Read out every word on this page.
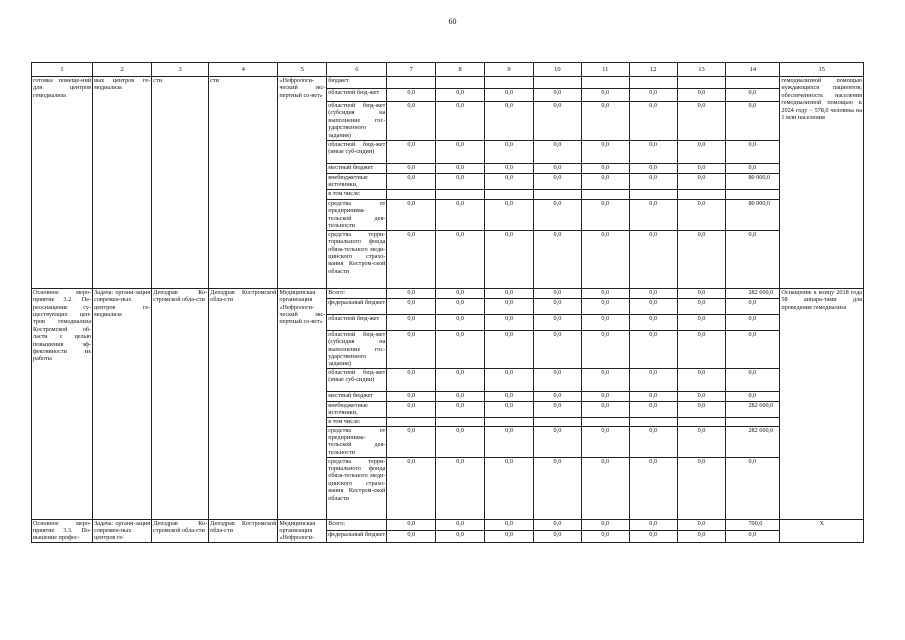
60
1	2	3	4	5	6	7	8	9	10	11	12	13	14	15
готовка помеще-ний для центров гемодиализа	вых центров ге-модиализа	сти	сти	«Нефрологи-ческий экс-пертный со-вет»	бюджет									гемодиализной помощью нуждающихся пациентов; обеспеченность населения гемодиализной помощью к 2024 году – 578,0 человека на 1 млн населения
					областной бюд-жет	0,0	0,0	0,0	0,0	0,0	0,0	0,0	0,0	
					областной бюд-жет (субсидия на выполнение гос-ударственного задания)	0,0	0,0	0,0	0,0	0,0	0,0	0,0	0,0	
					областной бюд-жет (иные суб-сидии)	0,0	0,0	0,0	0,0	0,0	0,0	0,0	0,0	
					местный бюджет	0,0	0,0	0,0	0,0	0,0	0,0	0,0	0,0	
					внебюджетные источники,	0,0	0,0	0,0	0,0	0,0	0,0	0,0	80 000,0	
					в том числе:									
					средства от предпринима-тельской дея-тельности	0,0	0,0	0,0	0,0	0,0	0,0	0,0	80 000,0	
					средства терри-ториального фонда обяза-тельного меди-цинского страхо-вания Костром-ской области	0,0	0,0	0,0	0,0	0,0	0,0	0,0	0,0	
Основное меро-приятие 3.2. Пе-реоснащение су-ществующих цен-тров гемодиализа Костромской об-ласти с целью повышения эф-фективности их работы	Задача: органи-зация современ-ных центров ге-модиализа	Депздрав Ко-стромской обла-сти	Депздрав Костромской обла-сти	Медицинская организация «Нефрологи-ческий экс-пертный со-вет»	Всего:	0,0	0,0	0,0	0,0	0,0	0,0	0,0	282 600,0	Оснащение к концу 2018 года 58 аппара-тами для проведения гемодиализа
					федеральный бюджет	0,0	0,0	0,0	0,0	0,0	0,0	0,0	0,0	
					областной бюд-жет	0,0	0,0	0,0	0,0	0,0	0,0	0,0	0,0	
					областной бюд-жет (субсидия на выполнение гос-ударственного задания)	0,0	0,0	0,0	0,0	0,0	0,0	0,0	0,0	
					областной бюд-жет (иные суб-сидии)	0,0	0,0	0,0	0,0	0,0	0,0	0,0	0,0	
					местный бюджет	0,0	0,0	0,0	0,0	0,0	0,0	0,0	0,0	
					внебюджетные источники,	0,0	0,0	0,0	0,0	0,0	0,0	0,0	282 600,0	
					в том числе:									
					средства от предпринима-тельской дея-тельности	0,0	0,0	0,0	0,0	0,0	0,0	0,0	282 600,0	
					средства терри-ториального фонда обяза-тельного меди-цинского страхо-вания Костром-ской области	0,0	0,0	0,0	0,0	0,0	0,0	0,0	0,0	
Основное меро-приятие 3.3. По-вышение профес-	Задача: органи-зация современ-ных центров ге-	Депздрав Ко-стромской обла-сти	Депздрав Костромской обла-сти	Медицинская организация «Нефрологи-	Всего:	0,0	0,0	0,0	0,0	0,0	0,0	0,0	700,0	X
					федеральный бюджет	0,0	0,0	0,0	0,0	0,0	0,0	0,0	0,0	
